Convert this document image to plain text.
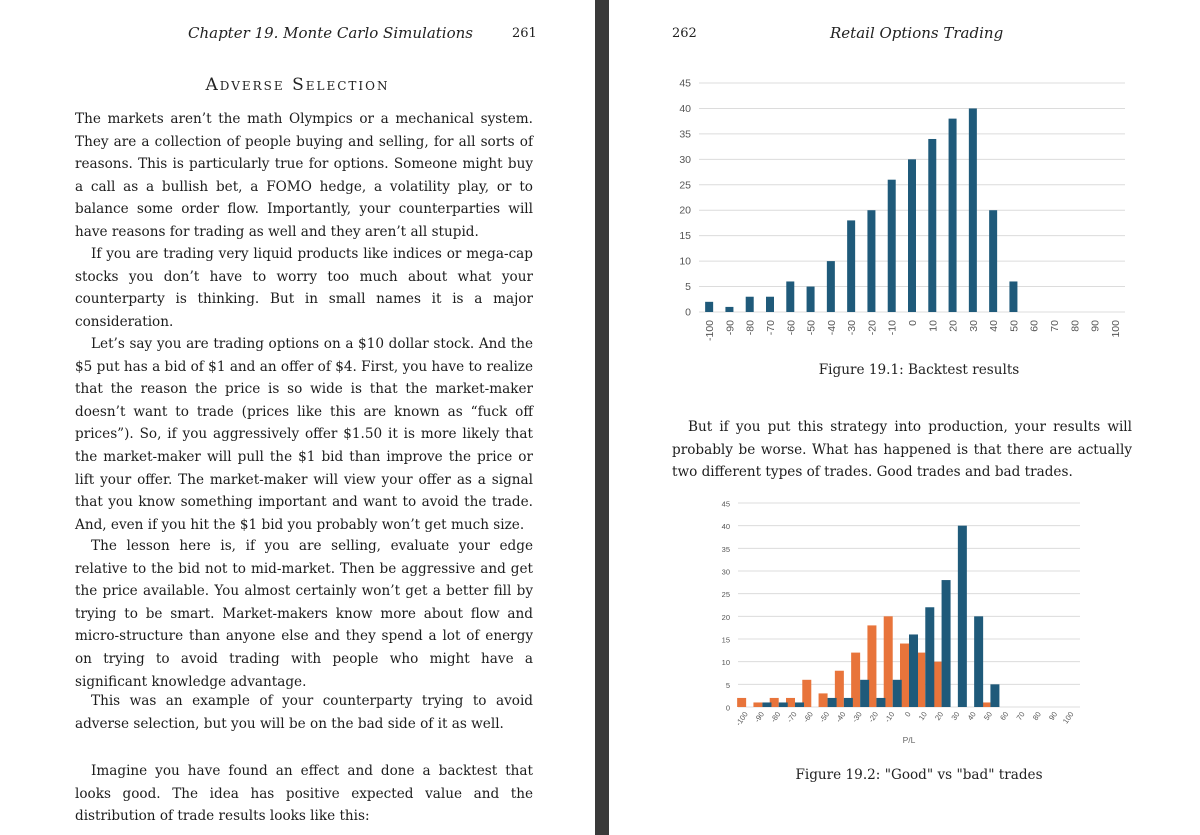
Chapter 19. Monte Carlo Simulations	261
Adverse Selection

The markets aren’t the math Olympics or a mechanical system. They are a collection of people buying and selling, for all sorts of reasons. This is particularly true for options. Someone might buy a call as a bullish bet, a FOMO hedge, a volatility play, or to balance some order flow. Importantly, your counterparties will have reasons for trading as well and they aren’t all stupid.

If you are trading very liquid products like indices or mega-cap stocks you don’t have to worry too much about what your counterparty is thinking. But in small names it is a major consideration.

Let’s say you are trading options on a $10 dollar stock. And the $5 put has a bid of $1 and an offer of $4. First, you have to realize that the reason the price is so wide is that the market-maker doesn’t want to trade (prices like this are known as “fuck off prices”). So, if you aggressively offer $1.50 it is more likely that the market-maker will pull the $1 bid than improve the price or lift your offer. The market-maker will view your offer as a signal that you know something important and want to avoid the trade. And, even if you hit the $1 bid you probably won’t get much size.

The lesson here is, if you are selling, evaluate your edge relative to the bid not to mid-market. Then be aggressive and get the price available. You almost certainly won’t get a better fill by trying to be smart. Market-makers know more about flow and micro-structure than anyone else and they spend a lot of energy on trying to avoid trading with people who might have a significant knowledge advantage.

This was an example of your counterparty trying to avoid adverse selection, but you will be on the bad side of it as well.

Imagine you have found an effect and done a backtest that looks good. The idea has positive expected value and the distribution of trade results looks like this:

262	Retail Options Trading
0
5
10
15
20
25
30
35
40
45
-100 -90 -80 -70 -60 -50 -40 -30 -20 -10 0 10 20 30 40 50 60 70 80 90 100
Figure 19.1: Backtest results

But if you put this strategy into production, your results will probably be worse. What has happened is that there are actually two different types of trades. Good trades and bad trades.

0
5
10
15
20
25
30
35
40
45
-100 -90 -80 -70 -60 -50 -40 -30 -20 -10 0 10 20 30 40 50 60 70 80 90 100
P/L
Figure 19.2: "Good" vs "bad" trades
